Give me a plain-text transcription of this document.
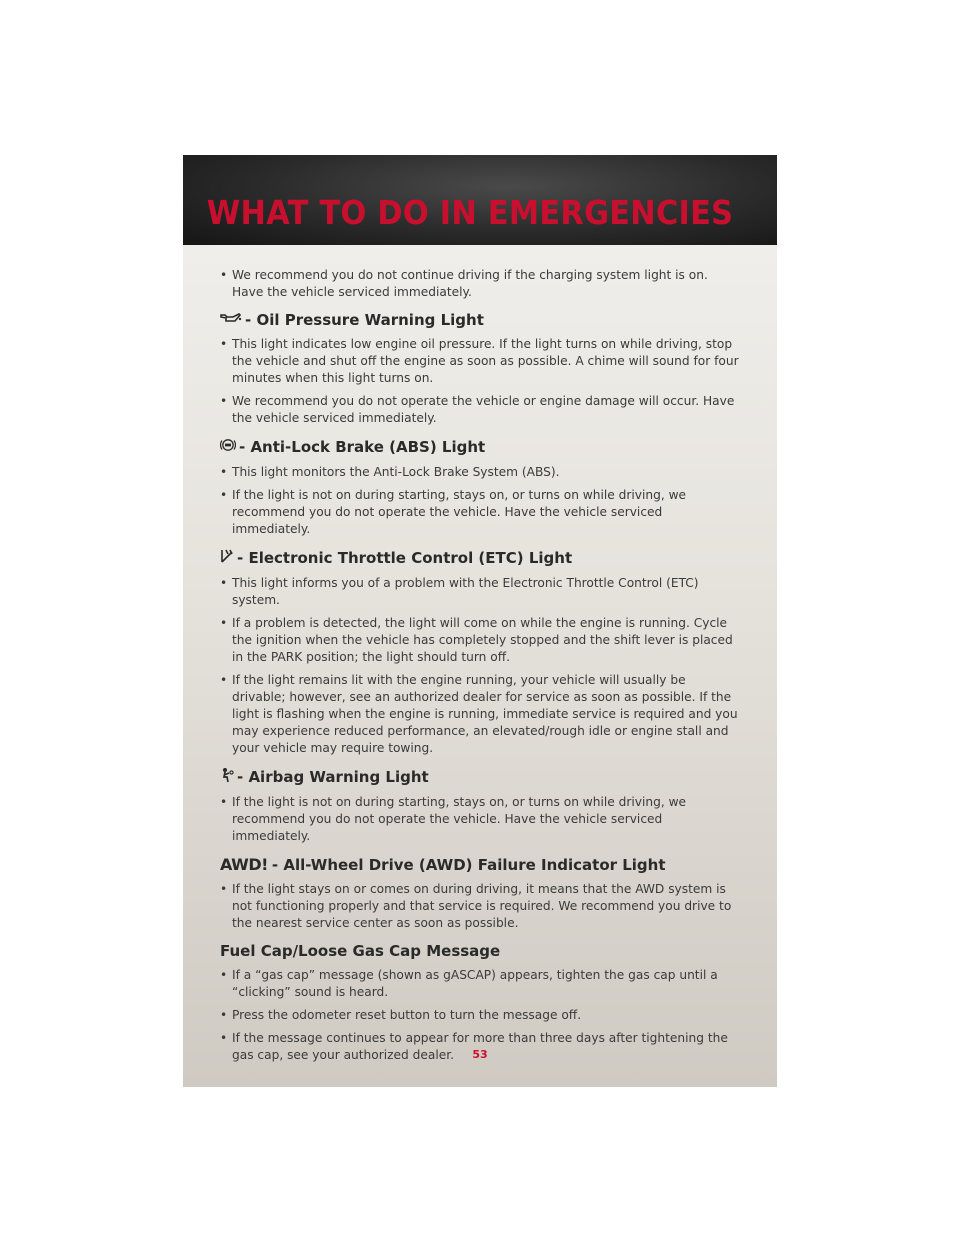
WHAT TO DO IN EMERGENCIES
• We recommend you do not continue driving if the charging system light is on. Have the vehicle serviced immediately.
- Oil Pressure Warning Light
• This light indicates low engine oil pressure. If the light turns on while driving, stop the vehicle and shut off the engine as soon as possible. A chime will sound for four minutes when this light turns on.
• We recommend you do not operate the vehicle or engine damage will occur. Have the vehicle serviced immediately.
- Anti-Lock Brake (ABS) Light
• This light monitors the Anti-Lock Brake System (ABS).
• If the light is not on during starting, stays on, or turns on while driving, we recommend you do not operate the vehicle. Have the vehicle serviced immediately.
- Electronic Throttle Control (ETC) Light
• This light informs you of a problem with the Electronic Throttle Control (ETC) system.
• If a problem is detected, the light will come on while the engine is running. Cycle the ignition when the vehicle has completely stopped and the shift lever is placed in the PARK position; the light should turn off.
• If the light remains lit with the engine running, your vehicle will usually be drivable; however, see an authorized dealer for service as soon as possible. If the light is flashing when the engine is running, immediate service is required and you may experience reduced performance, an elevated/rough idle or engine stall and your vehicle may require towing.
- Airbag Warning Light
• If the light is not on during starting, stays on, or turns on while driving, we recommend you do not operate the vehicle. Have the vehicle serviced immediately.
AWD! - All-Wheel Drive (AWD) Failure Indicator Light
• If the light stays on or comes on during driving, it means that the AWD system is not functioning properly and that service is required. We recommend you drive to the nearest service center as soon as possible.
Fuel Cap/Loose Gas Cap Message
• If a “gas cap” message (shown as gASCAP) appears, tighten the gas cap until a “clicking” sound is heard.
• Press the odometer reset button to turn the message off.
• If the message continues to appear for more than three days after tightening the gas cap, see your authorized dealer.	53
